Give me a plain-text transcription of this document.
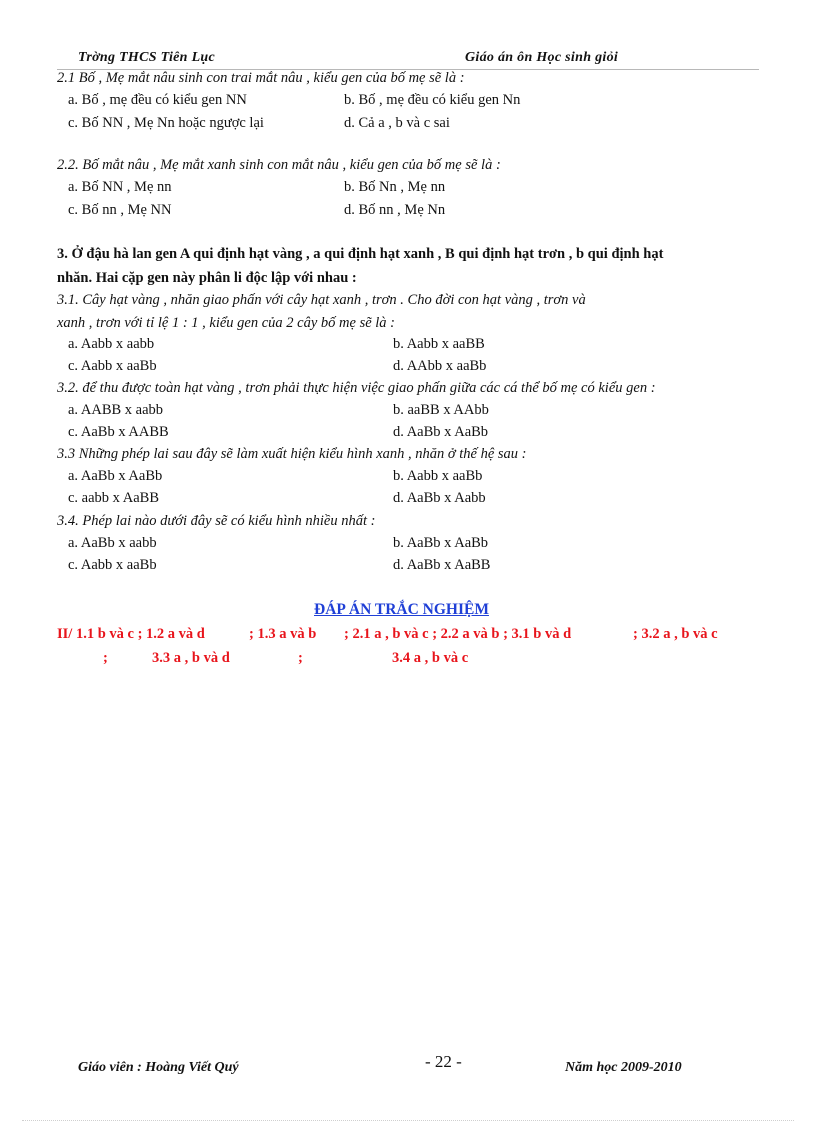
Trờng THCS Tiên Lục	Giáo án ôn Học sinh giỏi
2.1 Bố , Mẹ mắt nâu sinh con trai mắt nâu , kiểu gen của bố mẹ sẽ là :
a. Bố , mẹ đều có kiểu gen NN	b. Bố , mẹ đều có kiểu gen Nn
c. Bố NN , Mẹ Nn hoặc ngược lại	d. Cả a , b và c sai
2.2. Bố mắt nâu , Mẹ mắt xanh sinh con mắt nâu , kiểu gen của bố mẹ sẽ là :
a. Bố NN , Mẹ nn	b. Bố Nn , Mẹ nn
c. Bố nn , Mẹ NN	d. Bố nn , Mẹ Nn
3. Ở đậu hà lan gen A qui định hạt vàng , a qui định hạt xanh , B qui định hạt trơn , b qui định hạt
nhăn. Hai cặp gen này phân li độc lập với nhau :
3.1. Cây hạt vàng , nhăn giao phấn với cây hạt xanh , trơn . Cho đời con hạt vàng , trơn và
xanh , trơn với tỉ lệ 1 : 1 , kiểu gen của 2 cây bố mẹ sẽ là :
a. Aabb x aabb	b. Aabb x aaBB
c. Aabb x aaBb	d. AAbb x aaBb
3.2. để thu được toàn hạt vàng , trơn phải thực hiện việc giao phấn giữa các cá thể bố mẹ có kiểu gen :
a. AABB x aabb	b. aaBB x AAbb
c. AaBb x AABB	d. AaBb x AaBb
3.3 Những phép lai sau đây sẽ làm xuất hiện kiểu hình xanh , nhăn ở thế hệ sau :
a. AaBb x AaBb	b. Aabb x aaBb
c. aabb x AaBB	d. AaBb x Aabb
3.4. Phép lai nào dưới đây sẽ có kiểu hình nhiều nhất :
a. AaBb x aabb	b. AaBb x AaBb
c. Aabb x aaBb	d. AaBb x AaBB
ĐÁP ÁN TRẮC NGHIỆM
II/ 1.1 b và c ; 1.2 a và d	; 1.3 a và b ; 2.1 a , b và c ; 2.2 a và b ; 3.1 b và d	; 3.2 a , b và c
;	3.3 a , b và d	;	3.4 a , b và c
Giáo viên : Hoàng Viết Quý	- 22 -	Năm học 2009-2010
